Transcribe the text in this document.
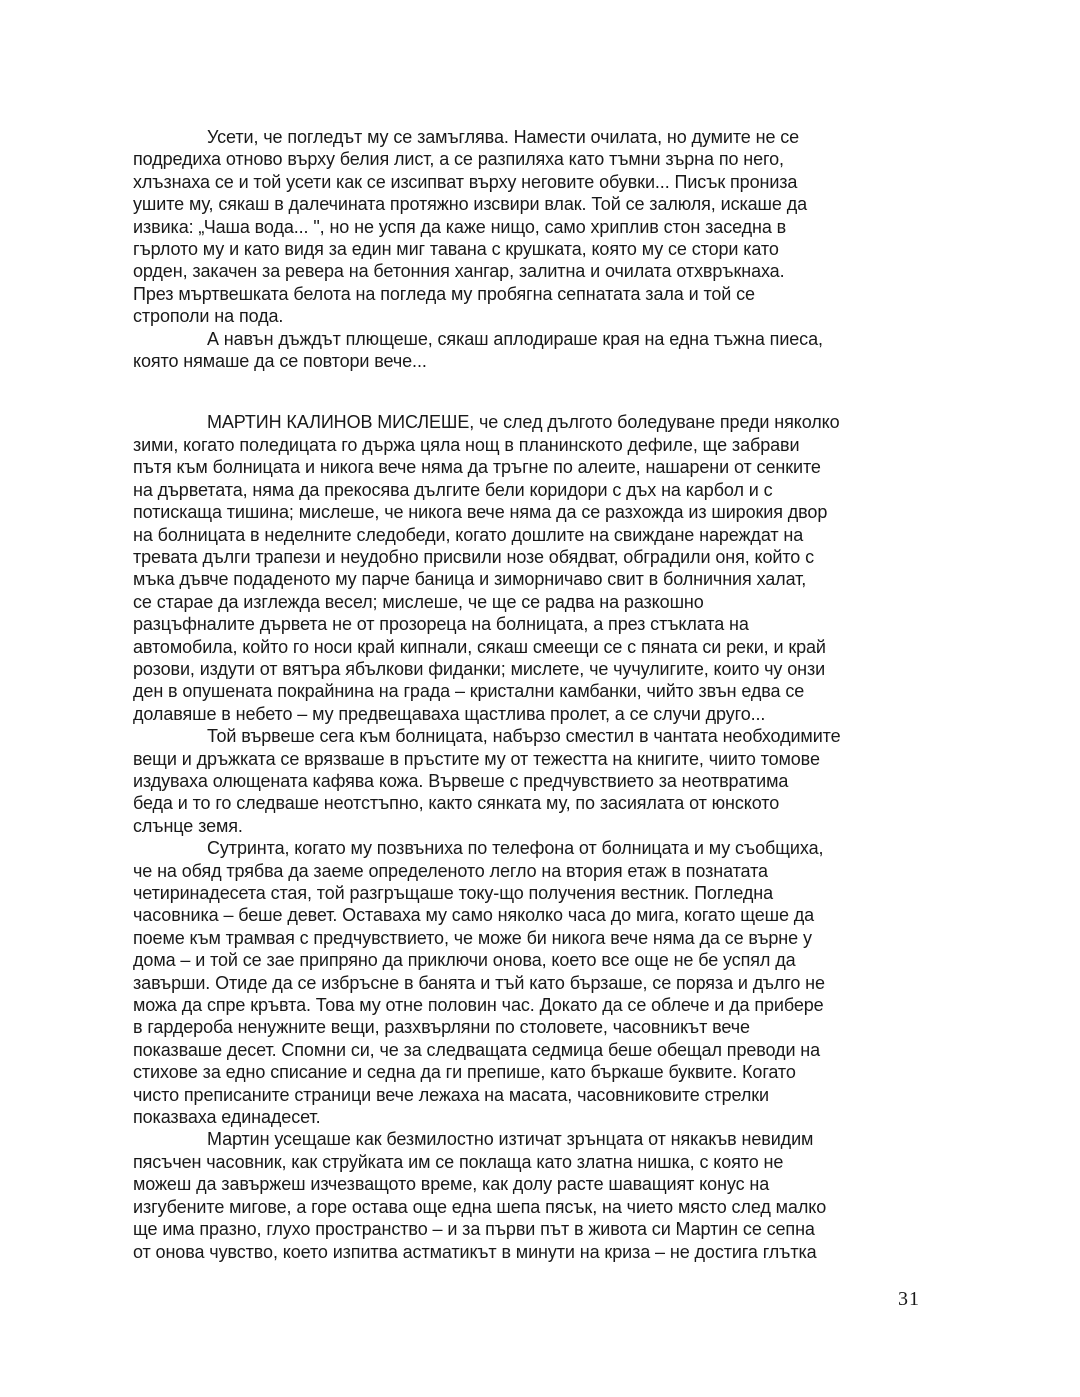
Усети, че погледът му се замъглява. Намести очилата, но думите не се
подредиха отново върху белия лист, а се разпиляха като тъмни зърна по него,
хлъзнаха се и той усети как се изсипват върху неговите обувки... Писък прониза
ушите му, сякаш в далечината протяжно изсвири влак. Той се залюля, искаше да
извика: „Чаша вода... ", но не успя да каже нищо, само хриплив стон заседна в
гърлото му и като видя за един миг тавана с крушката, която му се стори като
орден, закачен за ревера на бетонния хангар, залитна и очилата отхвръкнаха.
През мъртвешката белота на погледа му пробягна сепнатата зала и той се
строполи на пода.
А навън дъждът плющеше, сякаш аплодираше края на една тъжна пиеса,
която нямаше да се повтори вече...
МАРТИН КАЛИНОВ МИСЛЕШЕ, че след дългото боледуване преди няколко
зими, когато поледицата го държа цяла нощ в планинското дефиле, ще забрави
пътя към болницата и никога вече няма да тръгне по алеите, нашарени от сенките
на дърветата, няма да прекосява дългите бели коридори с дъх на карбол и с
потискаща тишина; мислеше, че никога вече няма да се разхожда из широкия двор
на болницата в неделните следобеди, когато дошлите на свиждане нареждат на
тревата дълги трапези и неудобно присвили нозе обядват, обградили оня, който с
мъка дъвче подаденото му парче баница и зиморничаво свит в болничния халат,
се старае да изглежда весел; мислеше, че ще се радва на разкошно
разцъфналите дървета не от прозореца на болницата, а през стъклата на
автомобила, който го носи край кипнали, сякаш смеещи се с пяната си реки, и край
розови, издути от вятъра ябълкови фиданки; мислете, че чучулигите, които чу онзи
ден в опушената покрайнина на града – кристални камбанки, чийто звън едва се
долавяше в небето – му предвещаваха щастлива пролет, а се случи друго...
Той вървеше сега към болницата, набързо сместил в чантата необходимите
вещи и дръжката се врязваше в пръстите му от тежестта на книгите, чиито томове
издуваха олющената кафява кожа. Вървеше с предчувствието за неотвратима
беда и то го следваше неотстъпно, както сянката му, по засиялата от юнското
слънце земя.
Сутринта, когато му позвъниха по телефона от болницата и му съобщиха,
че на обяд трябва да заеме определеното легло на втория етаж в познатата
четиринадесета стая, той разгръщаше току-що получения вестник. Погледна
часовника – беше девет. Оставаха му само няколко часа до мига, когато щеше да
поеме към трамвая с предчувствието, че може би никога вече няма да се върне у
дома – и той се зае припряно да приключи онова, което все още не бе успял да
завърши. Отиде да се избръсне в банята и тъй като бързаше, се поряза и дълго не
можа да спре кръвта. Това му отне половин час. Докато да се облече и да прибере
в гардероба ненужните вещи, разхвърляни по столовете, часовникът вече
показваше десет. Спомни си, че за следващата седмица беше обещал преводи на
стихове за едно списание и седна да ги препише, като бъркаше буквите. Когато
чисто преписаните страници вече лежаха на масата, часовниковите стрелки
показваха единадесет.
Мартин усещаше как безмилостно изтичат зрънцата от някакъв невидим
пясъчен часовник, как струйката им се поклаща като златна нишка, с която не
можеш да завържеш изчезващото време, как долу расте шаващият конус на
изгубените мигове, а горе остава още една шепа пясък, на чието място след малко
ще има празно, глухо пространство – и за първи път в живота си Мартин се сепна
от онова чувство, което изпитва астматикът в минути на криза – не достига глътка
31
